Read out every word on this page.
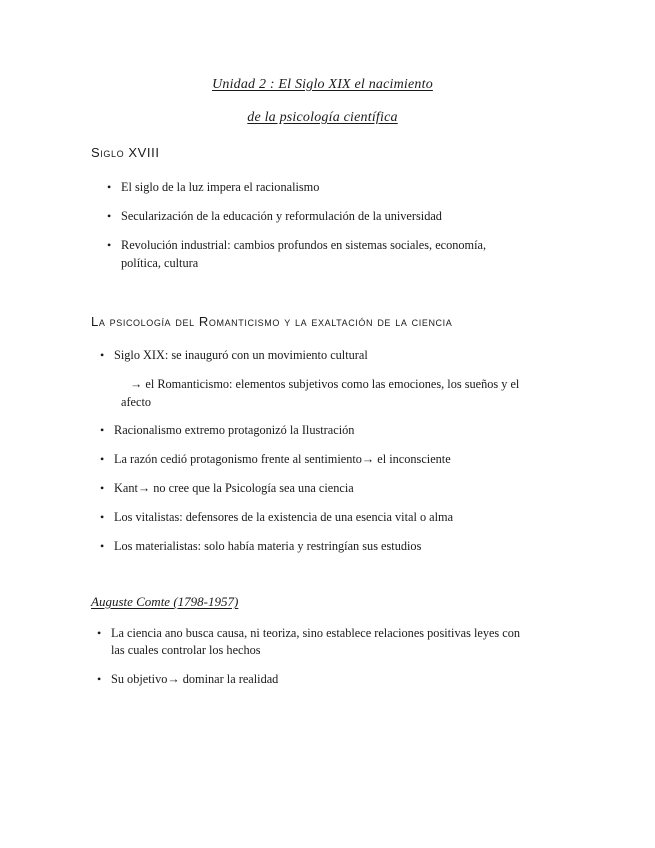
Unidad 2 : El Siglo XIX el nacimiento
de la psicología científica
Siglo XVIII
• El siglo de la luz impera el racionalismo
• Secularización de la educación y reformulación de la universidad
• Revolución industrial: cambios profundos en sistemas sociales, economía,
política, cultura
La psicología del Romanticismo y la exaltación de la ciencia
• Siglo XIX: se inauguró con un movimiento cultural
→ el Romanticismo: elementos subjetivos como las emociones, los sueños y el
afecto
• Racionalismo extremo protagonizó la Ilustración
• La razón cedió protagonismo frente al sentimiento→ el inconsciente
• Kant→ no cree que la Psicología sea una ciencia
• Los vitalistas: defensores de la existencia de una esencia vital o alma
• Los materialistas: solo había materia y restringían sus estudios
Auguste Comte (1798-1957)
• La ciencia ano busca causa, ni teoriza, sino establece relaciones positivas leyes con
las cuales controlar los hechos
• Su objetivo→ dominar la realidad
